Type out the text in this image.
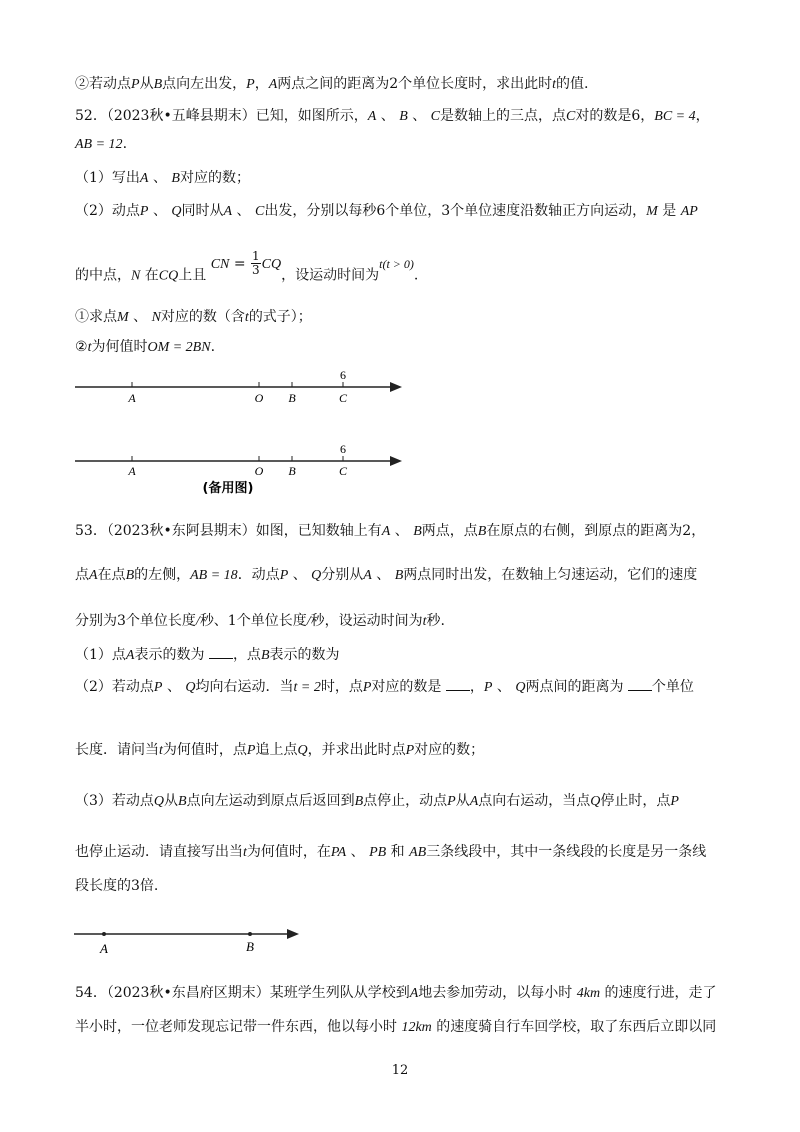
②若动点P从B点向左出发，P，A两点之间的距离为2个单位长度时，求出此时t的值.
52．（2023秋•五峰县期末）已知，如图所示，A 、 B 、 C是数轴上的三点，点C对的数是6，BC = 4，
AB = 12.
（1）写出A 、 B对应的数；
（2）动点P 、 Q同时从A 、 C出发，分别以每秒6个单位，3个单位速度沿数轴正方向运动，M 是 AP
的中点，N 在CQ上且 CN = $\frac{1}{3}$ CQ，设运动时间为t(t > 0).
①求点M 、 N对应的数（含t的式子）；
②t为何值时OM = 2BN.
A	O B	C
6
A	O B	C
6
(备用图)
53．（2023秋•东阿县期末）如图，已知数轴上有A 、 B两点，点B在原点的右侧，到原点的距离为2，
点A在点B的左侧，AB = 18．动点P 、 Q分别从A 、 B两点同时出发，在数轴上匀速运动，它们的速度
分别为3个单位长度/秒、1个单位长度/秒，设运动时间为t秒.
（1）点A表示的数为 ，点B表示的数为
（2）若动点P 、 Q均向右运动．当t = 2时，点P对应的数是 ，P 、 Q两点间的距离为 个单位
长度．请问当t为何值时，点P追上点Q，并求出此时点P对应的数；
（3）若动点Q从B点向左运动到原点后返回到B点停止，动点P从A点向右运动，当点Q停止时，点P
也停止运动．请直接写出当t为何值时，在PA 、 PB 和 AB三条线段中，其中一条线段的长度是另一条线
段长度的3倍.
A	B
54．（2023秋•东昌府区期末）某班学生列队从学校到A地去参加劳动，以每小时 4km 的速度行进，走了
半小时，一位老师发现忘记带一件东西，他以每小时 12km 的速度骑自行车回学校，取了东西后立即以同
12
